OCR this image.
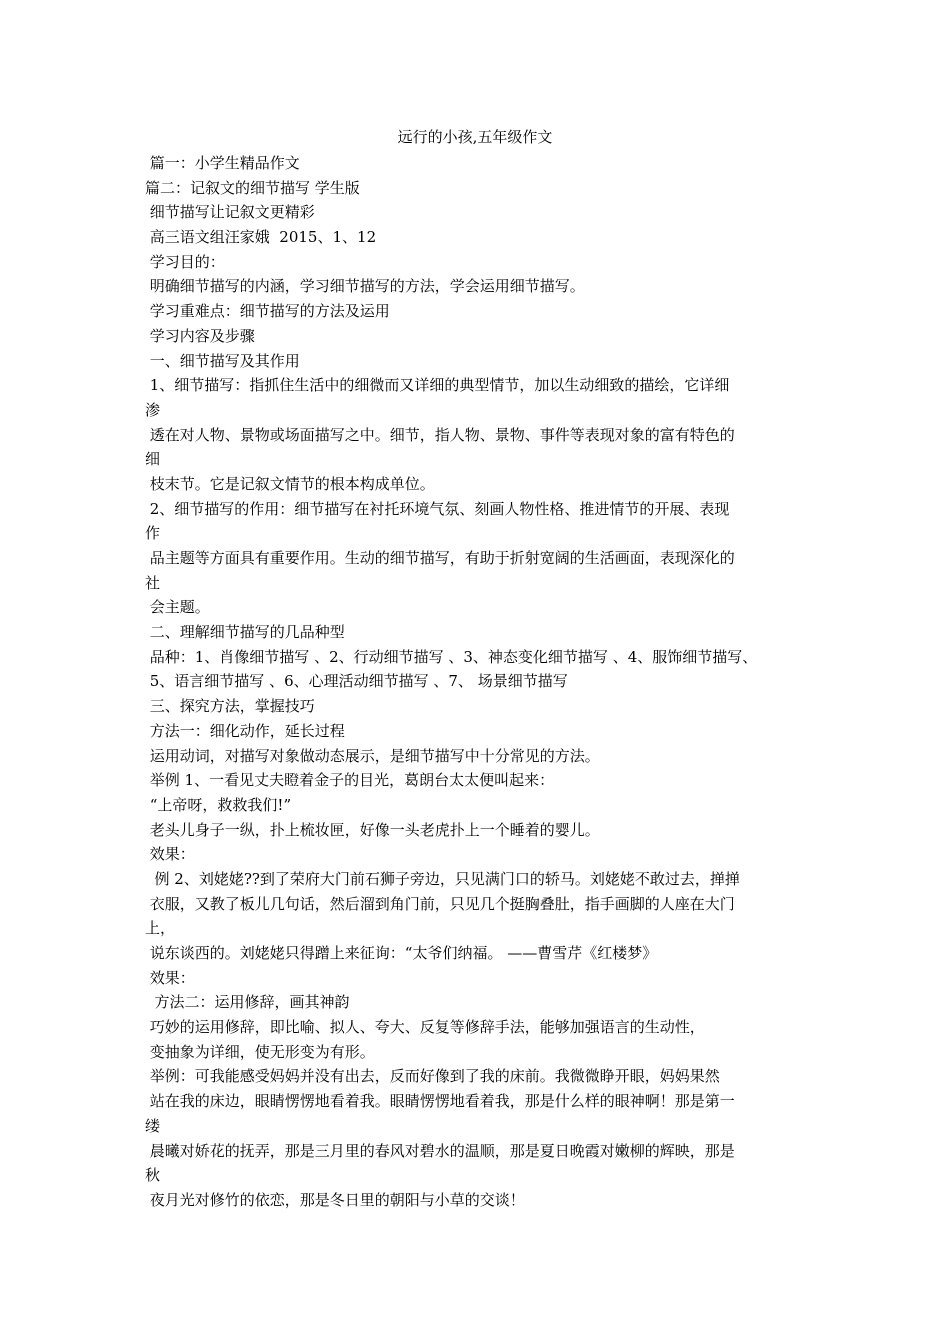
远行的小孩,五年级作文
篇一：小学生精品作文
篇二：记叙文的细节描写 学生版
细节描写让记叙文更精彩
高三语文组汪家娥  2015、1、12
学习目的：
明确细节描写的内涵，学习细节描写的方法，学会运用细节描写。
学习重难点：细节描写的方法及运用
学习内容及步骤
一、细节描写及其作用
1、细节描写：指抓住生活中的细微而又详细的典型情节，加以生动细致的描绘，它详细
渗
透在对人物、景物或场面描写之中。细节，指人物、景物、事件等表现对象的富有特色的
细
枝末节。它是记叙文情节的根本构成单位。
2、细节描写的作用：细节描写在衬托环境气氛、刻画人物性格、推进情节的开展、表现
作
品主题等方面具有重要作用。生动的细节描写，有助于折射宽阔的生活画面，表现深化的
社
会主题。
二、理解细节描写的几品种型
品种：1、肖像细节描写 、2、行动细节描写 、3、神态变化细节描写 、4、服饰细节描写、
5、语言细节描写 、6、心理活动细节描写 、7、 场景细节描写
三、探究方法，掌握技巧
方法一：细化动作，延长过程
运用动词，对描写对象做动态展示，是细节描写中十分常见的方法。
举例 1、一看见丈夫瞪着金子的目光，葛朗台太太便叫起来：
“上帝呀，救救我们!”
老头儿身子一纵，扑上梳妆匣，好像一头老虎扑上一个睡着的婴儿。
效果：
例 2、刘姥姥??到了荣府大门前石狮子旁边，只见满门口的轿马。刘姥姥不敢过去，掸掸
衣服，又教了板儿几句话，然后溜到角门前，只见几个挺胸叠肚，指手画脚的人座在大门
上，
说东谈西的。刘姥姥只得蹭上来征询：“太爷们纳福。 ——曹雪芹《红楼梦》
效果：
方法二：运用修辞，画其神韵
巧妙的运用修辞，即比喻、拟人、夸大、反复等修辞手法，能够加强语言的生动性，
变抽象为详细，使无形变为有形。
举例：可我能感受妈妈并没有出去，反而好像到了我的床前。我微微睁开眼，妈妈果然
站在我的床边，眼睛愣愣地看着我。眼睛愣愣地看着我，那是什么样的眼神啊！那是第一
缕
晨曦对娇花的抚弄，那是三月里的春风对碧水的温顺，那是夏日晚霞对嫩柳的辉映，那是
秋
夜月光对修竹的依恋，那是冬日里的朝阳与小草的交谈！
